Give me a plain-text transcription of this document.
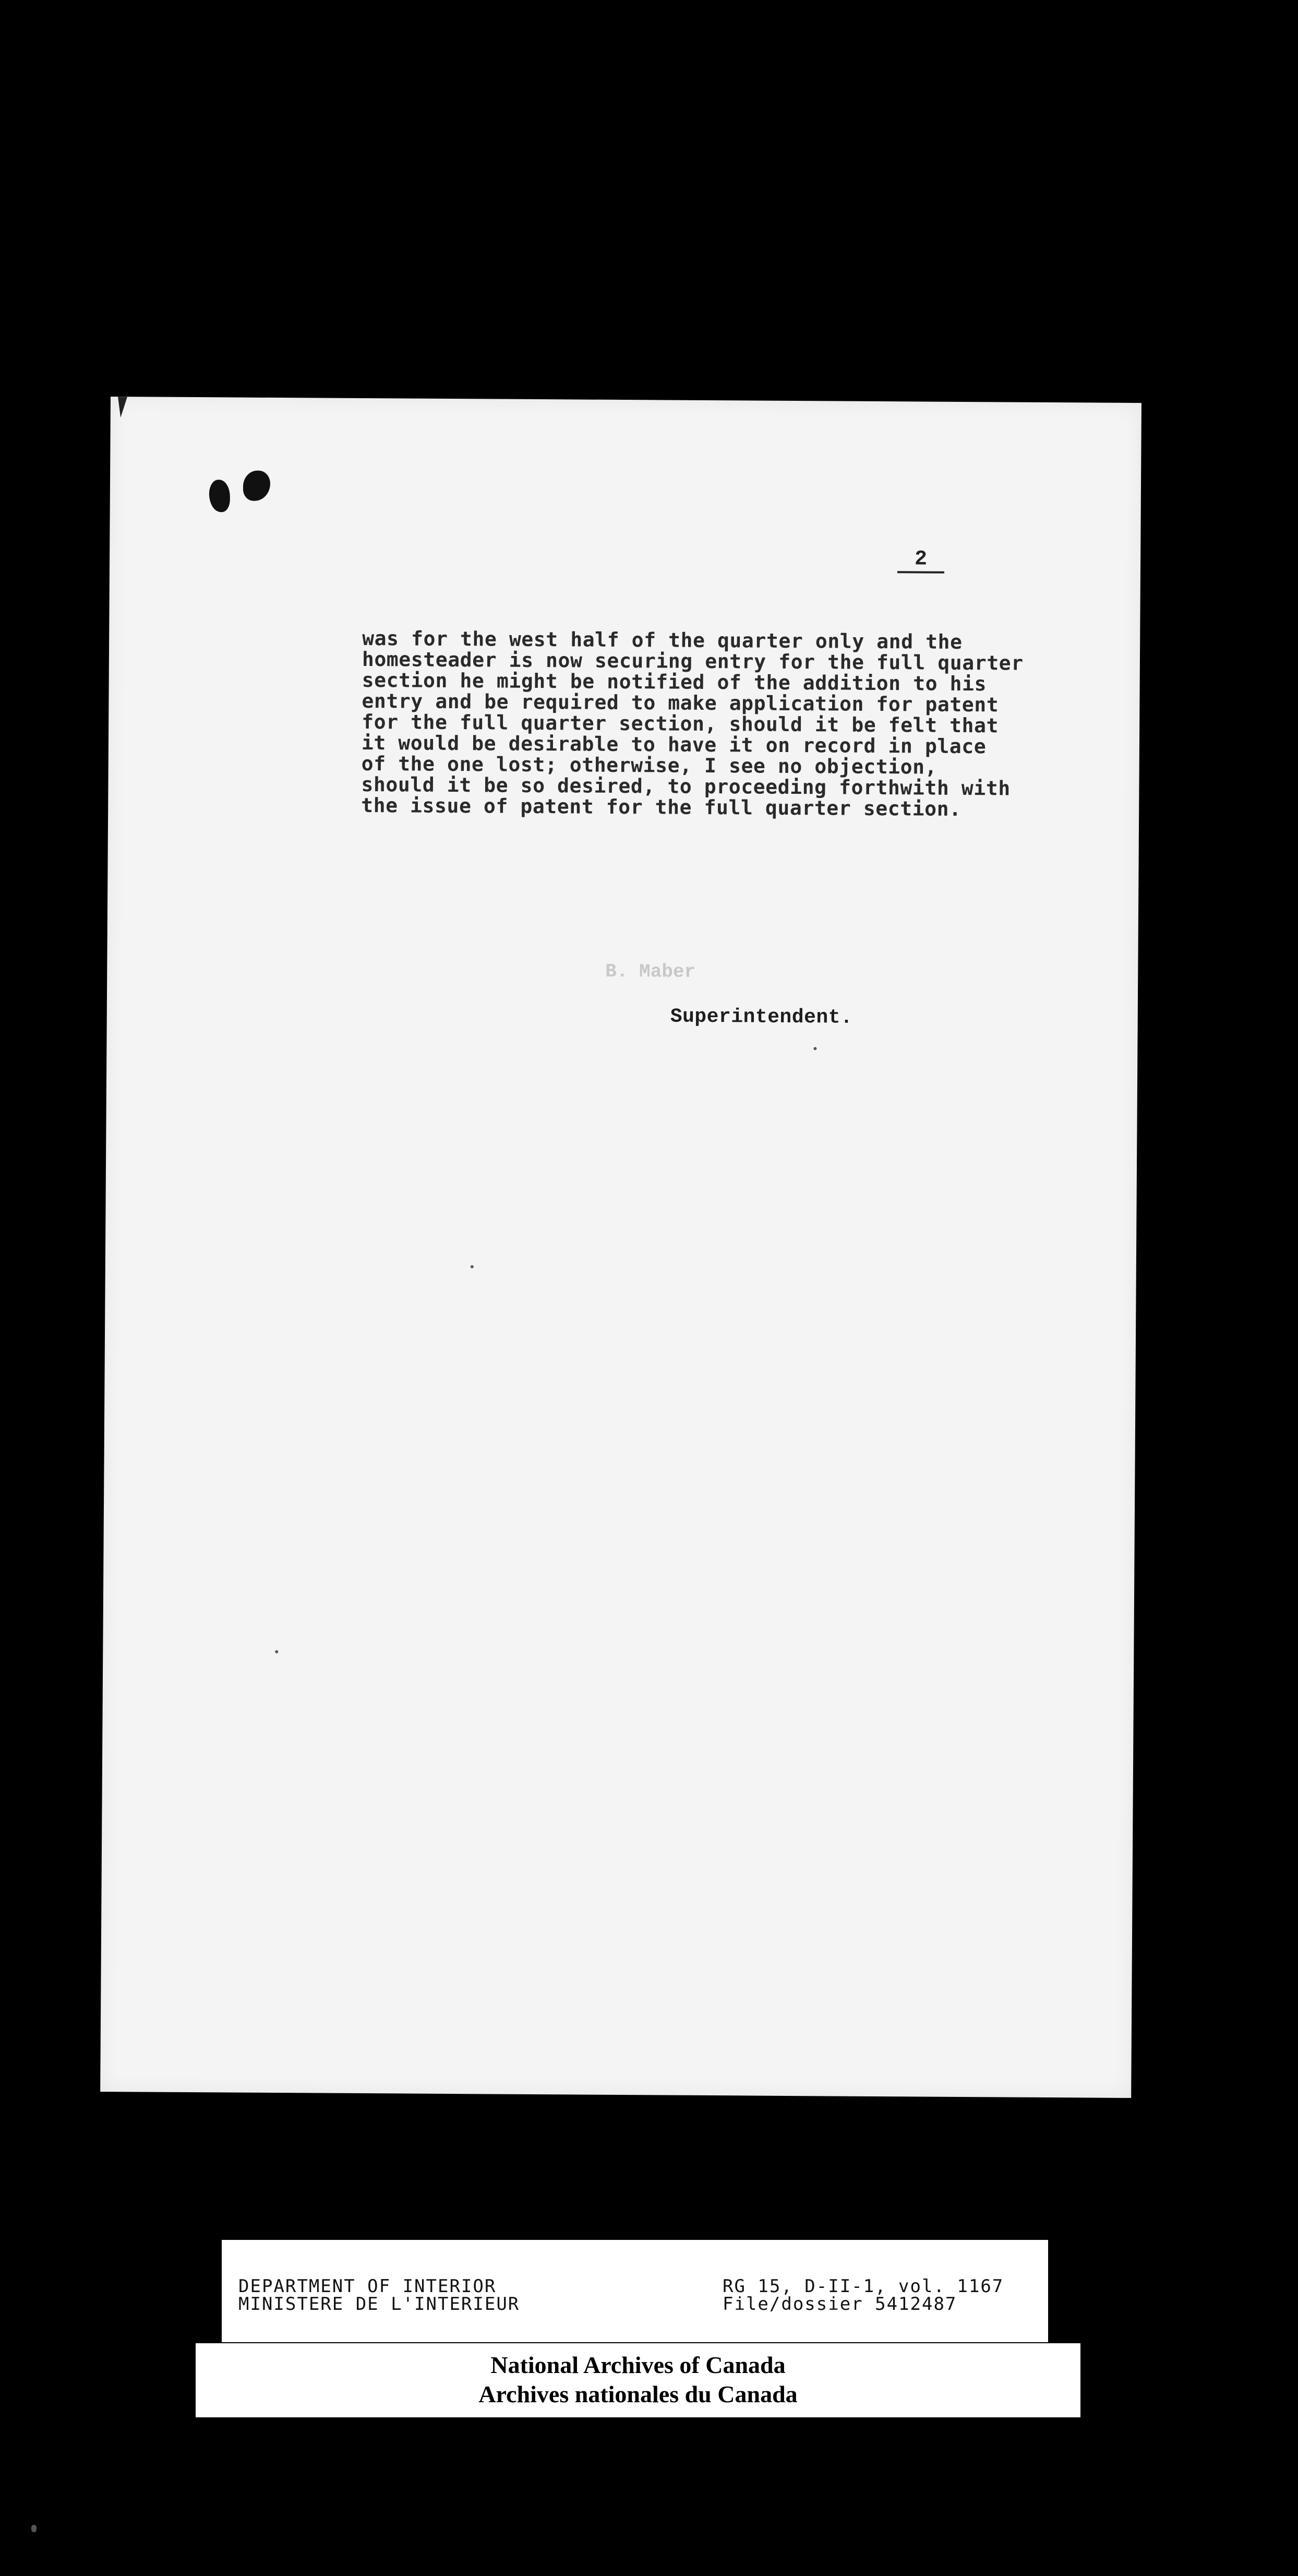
2
was for the west half of the quarter only and the
homesteader is now securing entry for the full quarter
section he might be notified of the addition to his
entry and be required to make application for patent
for the full quarter section, should it be felt that
it would be desirable to have it on record in place
of the one lost; otherwise, I see no objection,
should it be so desired, to proceeding forthwith with
the issue of patent for the full quarter section.
B. Maber
Superintendent.
DEPARTMENT OF INTERIOR
MINISTERE DE L'INTERIEUR
RG 15, D-II-1, vol. 1167
File/dossier 5412487
National Archives of Canada
Archives nationales du Canada
